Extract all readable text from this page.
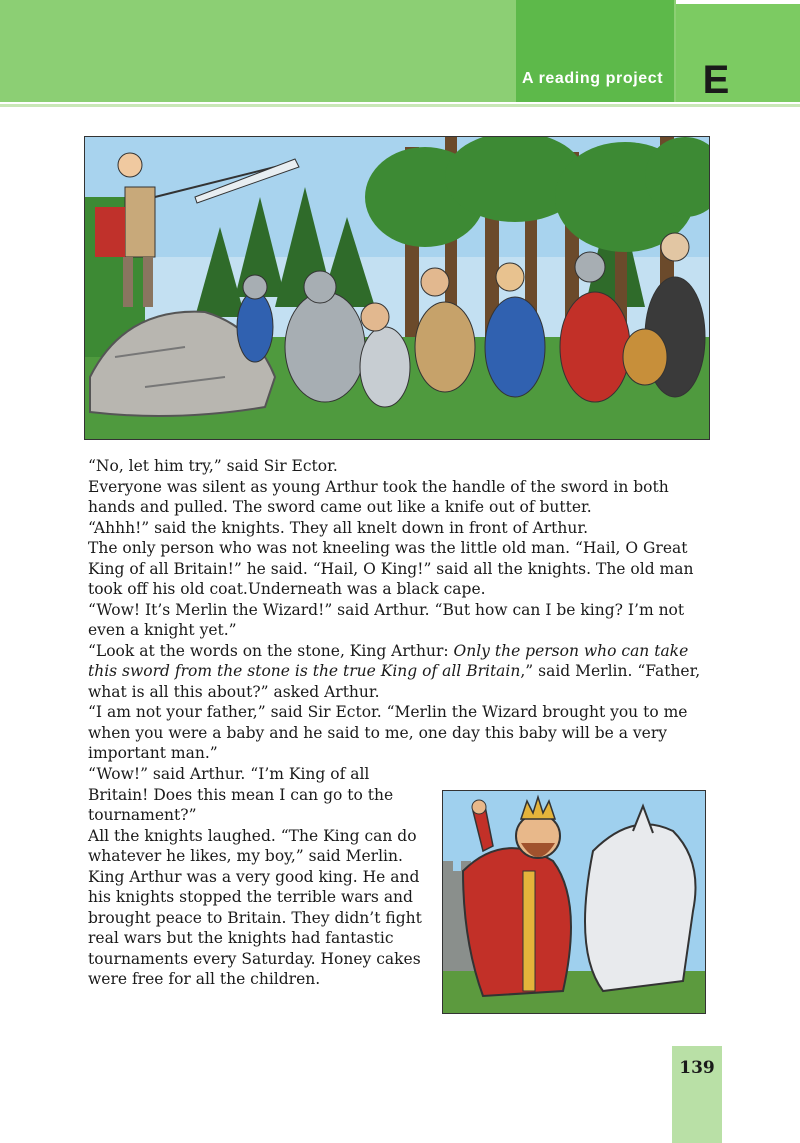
A reading project E

“No, let him try,” said Sir Ector.

Everyone was silent as young Arthur took the handle of the sword in both hands and pulled. The sword came out like a knife out of butter.

“Ahhh!” said the knights. They all knelt down in front of Arthur.

The only person who was not kneeling was the little old man. “Hail, O Great King of all Britain!” he said. “Hail, O King!” said all the knights. The old man took off his old coat.Underneath was a black cape.

“Wow! It’s Merlin the Wizard!” said Arthur. “But how can I be king? I’m not even a knight yet.”

“Look at the words on the stone, King Arthur: Only the person who can take this sword from the stone is the true King of all Britain,” said Merlin. “Father, what is all this about?” asked Arthur.

“I am not your father,” said Sir Ector. “Merlin the Wizard brought you to me when you were a baby and he said to me, one day this baby will be a very important man.”

“Wow!” said Arthur. “I’m King of all Britain! Does this mean I can go to the tournament?”

All the knights laughed. “The King can do whatever he likes, my boy,” said Merlin.

King Arthur was a very good king. He and his knights stopped the terrible wars and brought peace to Britain. They didn’t fight real wars but the knights had fantastic tournaments every Saturday. Honey cakes were free for all the children.

139
